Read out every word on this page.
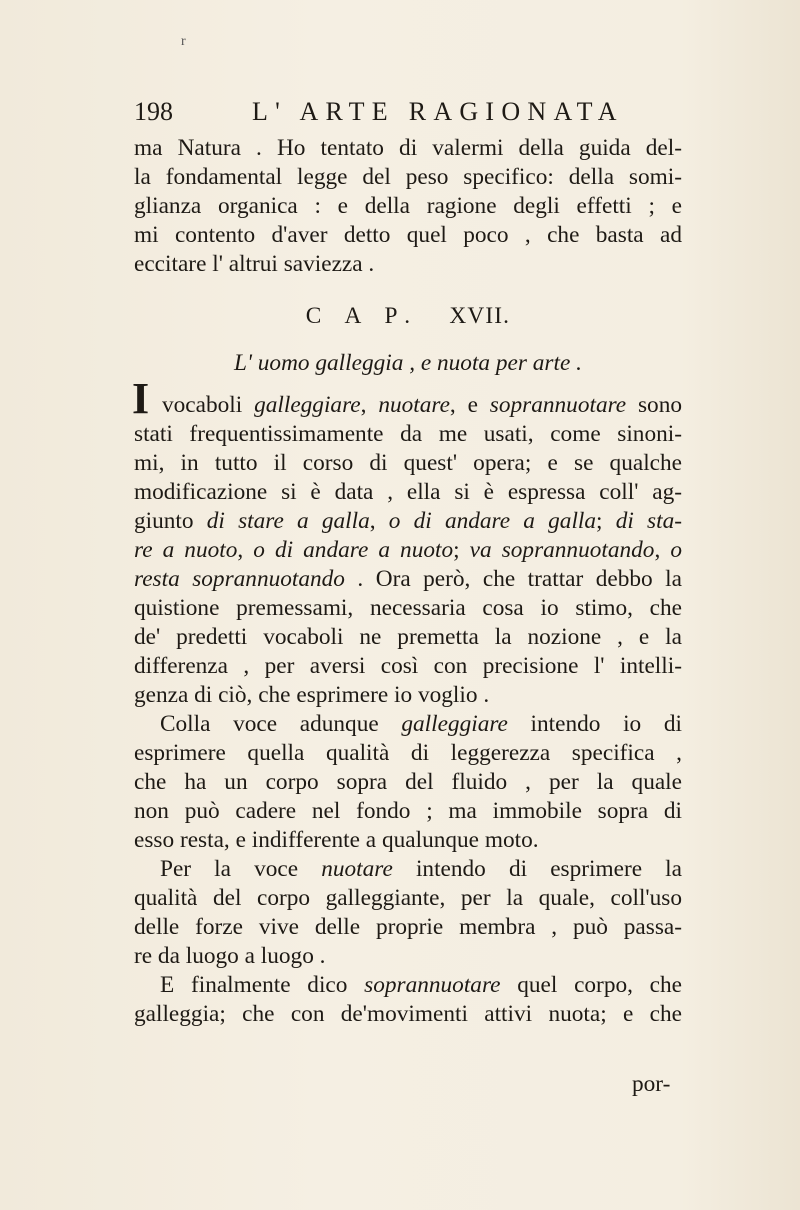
r
198	L' ARTE RAGIONATA
ma Natura . Ho tentato di valermi della guida del-
la fondamental legge del peso specifico: della somi-
glianza organica : e della ragione degli effetti ; e
mi contento d'aver detto quel poco , che basta ad
eccitare l' altrui saviezza .
C A P. XVII.
L' uomo galleggia , e nuota per arte .
I vocaboli galleggiare, nuotare, e soprannuotare sono
stati frequentissimamente da me usati, come sinoni-
mi, in tutto il corso di quest' opera; e se qualche
modificazione si è data , ella si è espressa coll' ag-
giunto di stare a galla, o di andare a galla; di sta-
re a nuoto, o di andare a nuoto; va soprannuotando, o
resta soprannuotando . Ora però, che trattar debbo la
quistione premessami, necessaria cosa io stimo, che
de' predetti vocaboli ne premetta la nozione , e la
differenza , per aversi così con precisione l' intelli-
genza di ciò, che esprimere io voglio .
Colla voce adunque galleggiare intendo io di
esprimere quella qualità di leggerezza specifica ,
che ha un corpo sopra del fluido , per la quale
non può cadere nel fondo ; ma immobile sopra di
esso resta, e indifferente a qualunque moto.
Per la voce nuotare intendo di esprimere la
qualità del corpo galleggiante, per la quale, coll'uso
delle forze vive delle proprie membra , può passa-
re da luogo a luogo .
E finalmente dico soprannuotare quel corpo, che
galleggia; che con de'movimenti attivi nuota; e che
por-
